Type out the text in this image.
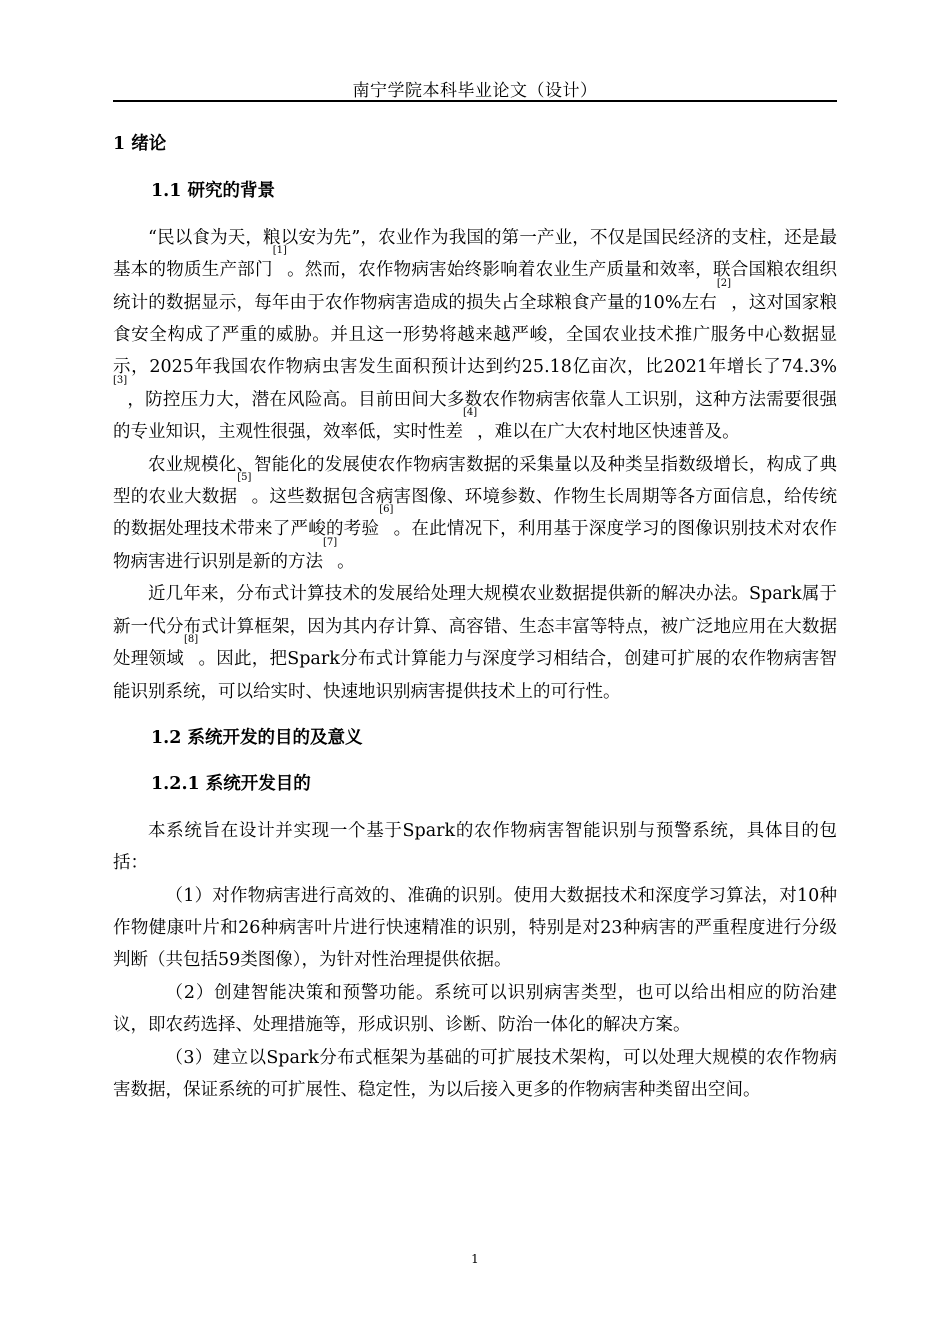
南宁学院本科毕业论文（设计）
1 绪论
1.1 研究的背景

“民以食为天，粮以安为先”，农业作为我国的第一产业，不仅是国民经济的支柱，还是最基本的物质生产部门[1]。然而，农作物病害始终影响着农业生产质量和效率，联合国粮农组织统计的数据显示，每年由于农作物病害造成的损失占全球粮食产量的10%左右[2]，这对国家粮食安全构成了严重的威胁。并且这一形势将越来越严峻，全国农业技术推广服务中心数据显示，2025年我国农作物病虫害发生面积预计达到约25.18亿亩次，比2021年增长了74.3%[3]，防控压力大，潜在风险高。目前田间大多数农作物病害依靠人工识别，这种方法需要很强的专业知识，主观性很强，效率低，实时性差[4]，难以在广大农村地区快速普及。

农业规模化、智能化的发展使农作物病害数据的采集量以及种类呈指数级增长，构成了典型的农业大数据[5]。这些数据包含病害图像、环境参数、作物生长周期等各方面信息，给传统的数据处理技术带来了严峻的考验[6]。在此情况下，利用基于深度学习的图像识别技术对农作物病害进行识别是新的方法[7]。

近几年来，分布式计算技术的发展给处理大规模农业数据提供新的解决办法。Spark属于新一代分布式计算框架，因为其内存计算、高容错、生态丰富等特点，被广泛地应用在大数据处理领域[8]。因此，把Spark分布式计算能力与深度学习相结合，创建可扩展的农作物病害智能识别系统，可以给实时、快速地识别病害提供技术上的可行性。

1.2 系统开发的目的及意义
1.2.1 系统开发目的

本系统旨在设计并实现一个基于Spark的农作物病害智能识别与预警系统，具体目的包括：

（1）对作物病害进行高效的、准确的识别。使用大数据技术和深度学习算法，对10种作物健康叶片和26种病害叶片进行快速精准的识别，特别是对23种病害的严重程度进行分级判断（共包括59类图像），为针对性治理提供依据。

（2）创建智能决策和预警功能。系统可以识别病害类型，也可以给出相应的防治建议，即农药选择、处理措施等，形成识别、诊断、防治一体化的解决方案。

（3）建立以Spark分布式框架为基础的可扩展技术架构，可以处理大规模的农作物病害数据，保证系统的可扩展性、稳定性，为以后接入更多的作物病害种类留出空间。

1
